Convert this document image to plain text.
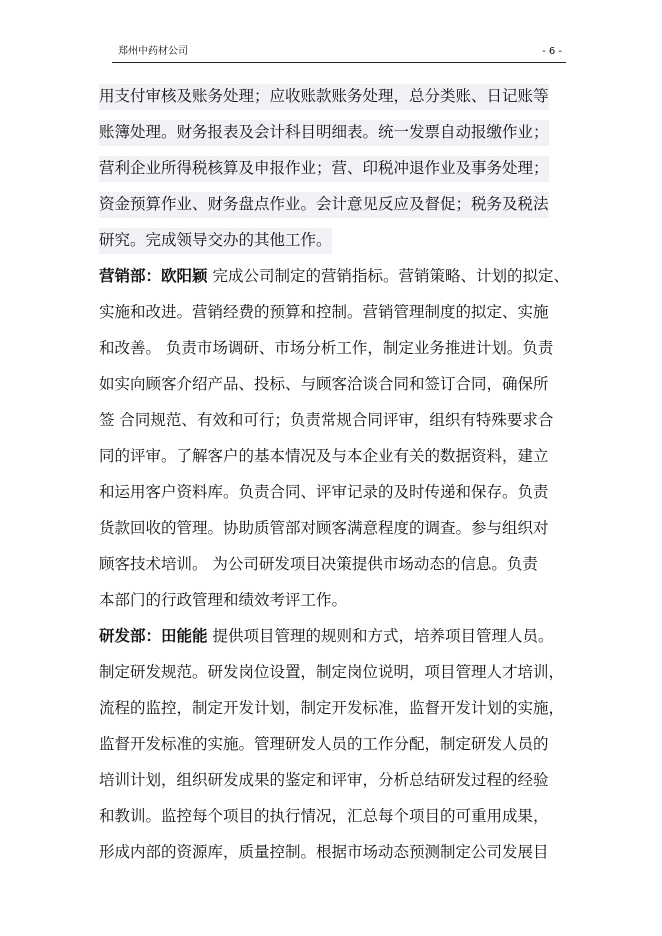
郑州中药材公司	- 6 -
用支付审核及账务处理；应收账款账务处理，总分类账、日记账等
账簿处理。财务报表及会计科目明细表。统一发票自动报缴作业；
营利企业所得税核算及申报作业；营、印税冲退作业及事务处理；
资金预算作业、财务盘点作业。会计意见反应及督促；税务及税法
研究。完成领导交办的其他工作。
营销部：欧阳颖 完成公司制定的营销指标。营销策略、计划的拟定、
实施和改进。营销经费的预算和控制。营销管理制度的拟定、实施
和改善。 负责市场调研、市场分析工作，制定业务推进计划。负责
如实向顾客介绍产品、投标、与顾客洽谈合同和签订合同，确保所
签 合同规范、有效和可行；负责常规合同评审，组织有特殊要求合
同的评审。了解客户的基本情况及与本企业有关的数据资料，建立
和运用客户资料库。负责合同、评审记录的及时传递和保存。负责
货款回收的管理。协助质管部对顾客满意程度的调查。参与组织对
顾客技术培训。 为公司研发项目决策提供市场动态的信息。负责
本部门的行政管理和绩效考评工作。
研发部：田能能 提供项目管理的规则和方式，培养项目管理人员。
制定研发规范。研发岗位设置，制定岗位说明，项目管理人才培训，
流程的监控，制定开发计划，制定开发标准，监督开发计划的实施，
监督开发标准的实施。管理研发人员的工作分配，制定研发人员的
培训计划，组织研发成果的鉴定和评审，分析总结研发过程的经验
和教训。监控每个项目的执行情况，汇总每个项目的可重用成果，
形成内部的资源库，质量控制。根据市场动态预测制定公司发展目
